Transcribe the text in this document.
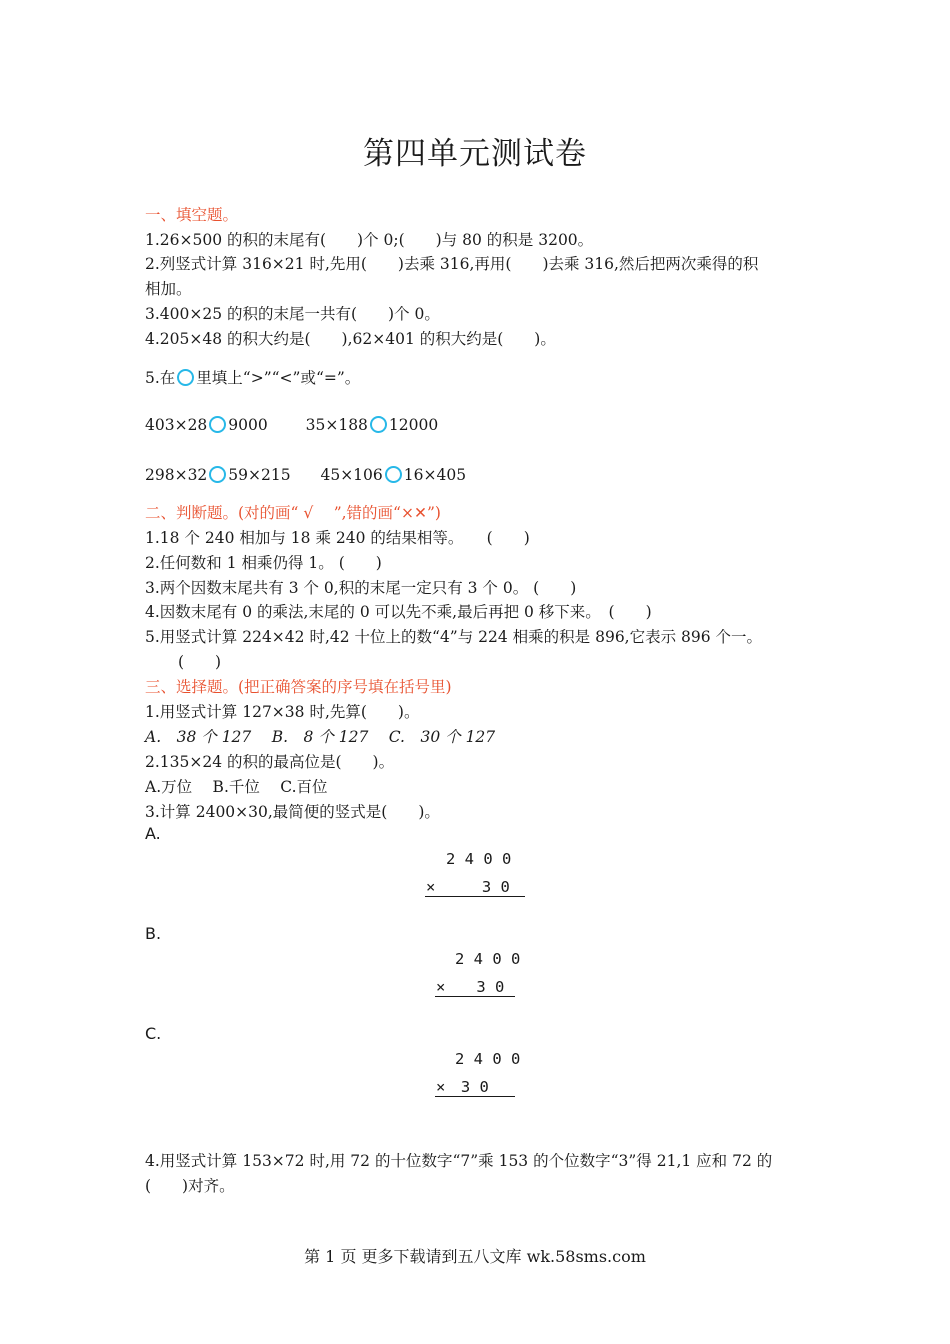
第四单元测试卷
一、填空题。
1.26×500 的积的末尾有(　　)个 0;(　　)与 80 的积是 3200。
2.列竖式计算 316×21 时,先用(　　)去乘 316,再用(　　)去乘 316,然后把两次乘得的积
相加。
3.400×25 的积的末尾一共有(　　)个 0。
4.205×48 的积大约是(　　),62×401 的积大约是(　　)。
5.在 里填上“>”“<”或“=”。
403×28 9000 35×188 12000
298×32 59×215 45×106 16×405
二、判断题。(对的画“ √　 ”,错的画“×✕”)
1.18 个 240 相加与 18 乘 240 的结果相等。　　(　　)
2.任何数和 1 相乘仍得 1。 (　　)
3.两个因数末尾共有 3 个 0,积的末尾一定只有 3 个 0。 (　　)
4.因数末尾有 0 的乘法,末尾的 0 可以先不乘,最后再把 0 移下来。　(　　)
5.用竖式计算 224×42 时,42 十位上的数“4”与 224 相乘的积是 896,它表示 896 个一。
(　　)
三、选择题。(把正确答案的序号填在括号里)
1.用竖式计算 127×38 时,先算(　　)。
A.　38 个 127　 B.　8 个 127　 C.　30 个 127
2.135×24 的积的最高位是(　　)。
A.万位　 B.千位　 C.百位
3.计算 2400×30,最简便的竖式是(　　)。
A.
2 4 0 0
×　　　3 0
B.
2 4 0 0
×　　3 0
C.
2 4 0 0
×　3 0
4.用竖式计算 153×72 时,用 72 的十位数字“7”乘 153 的个位数字“3”得 21,1 应和 72 的
(　　)对齐。
第 1 页 更多下载请到五八文库 wk.58sms.com
